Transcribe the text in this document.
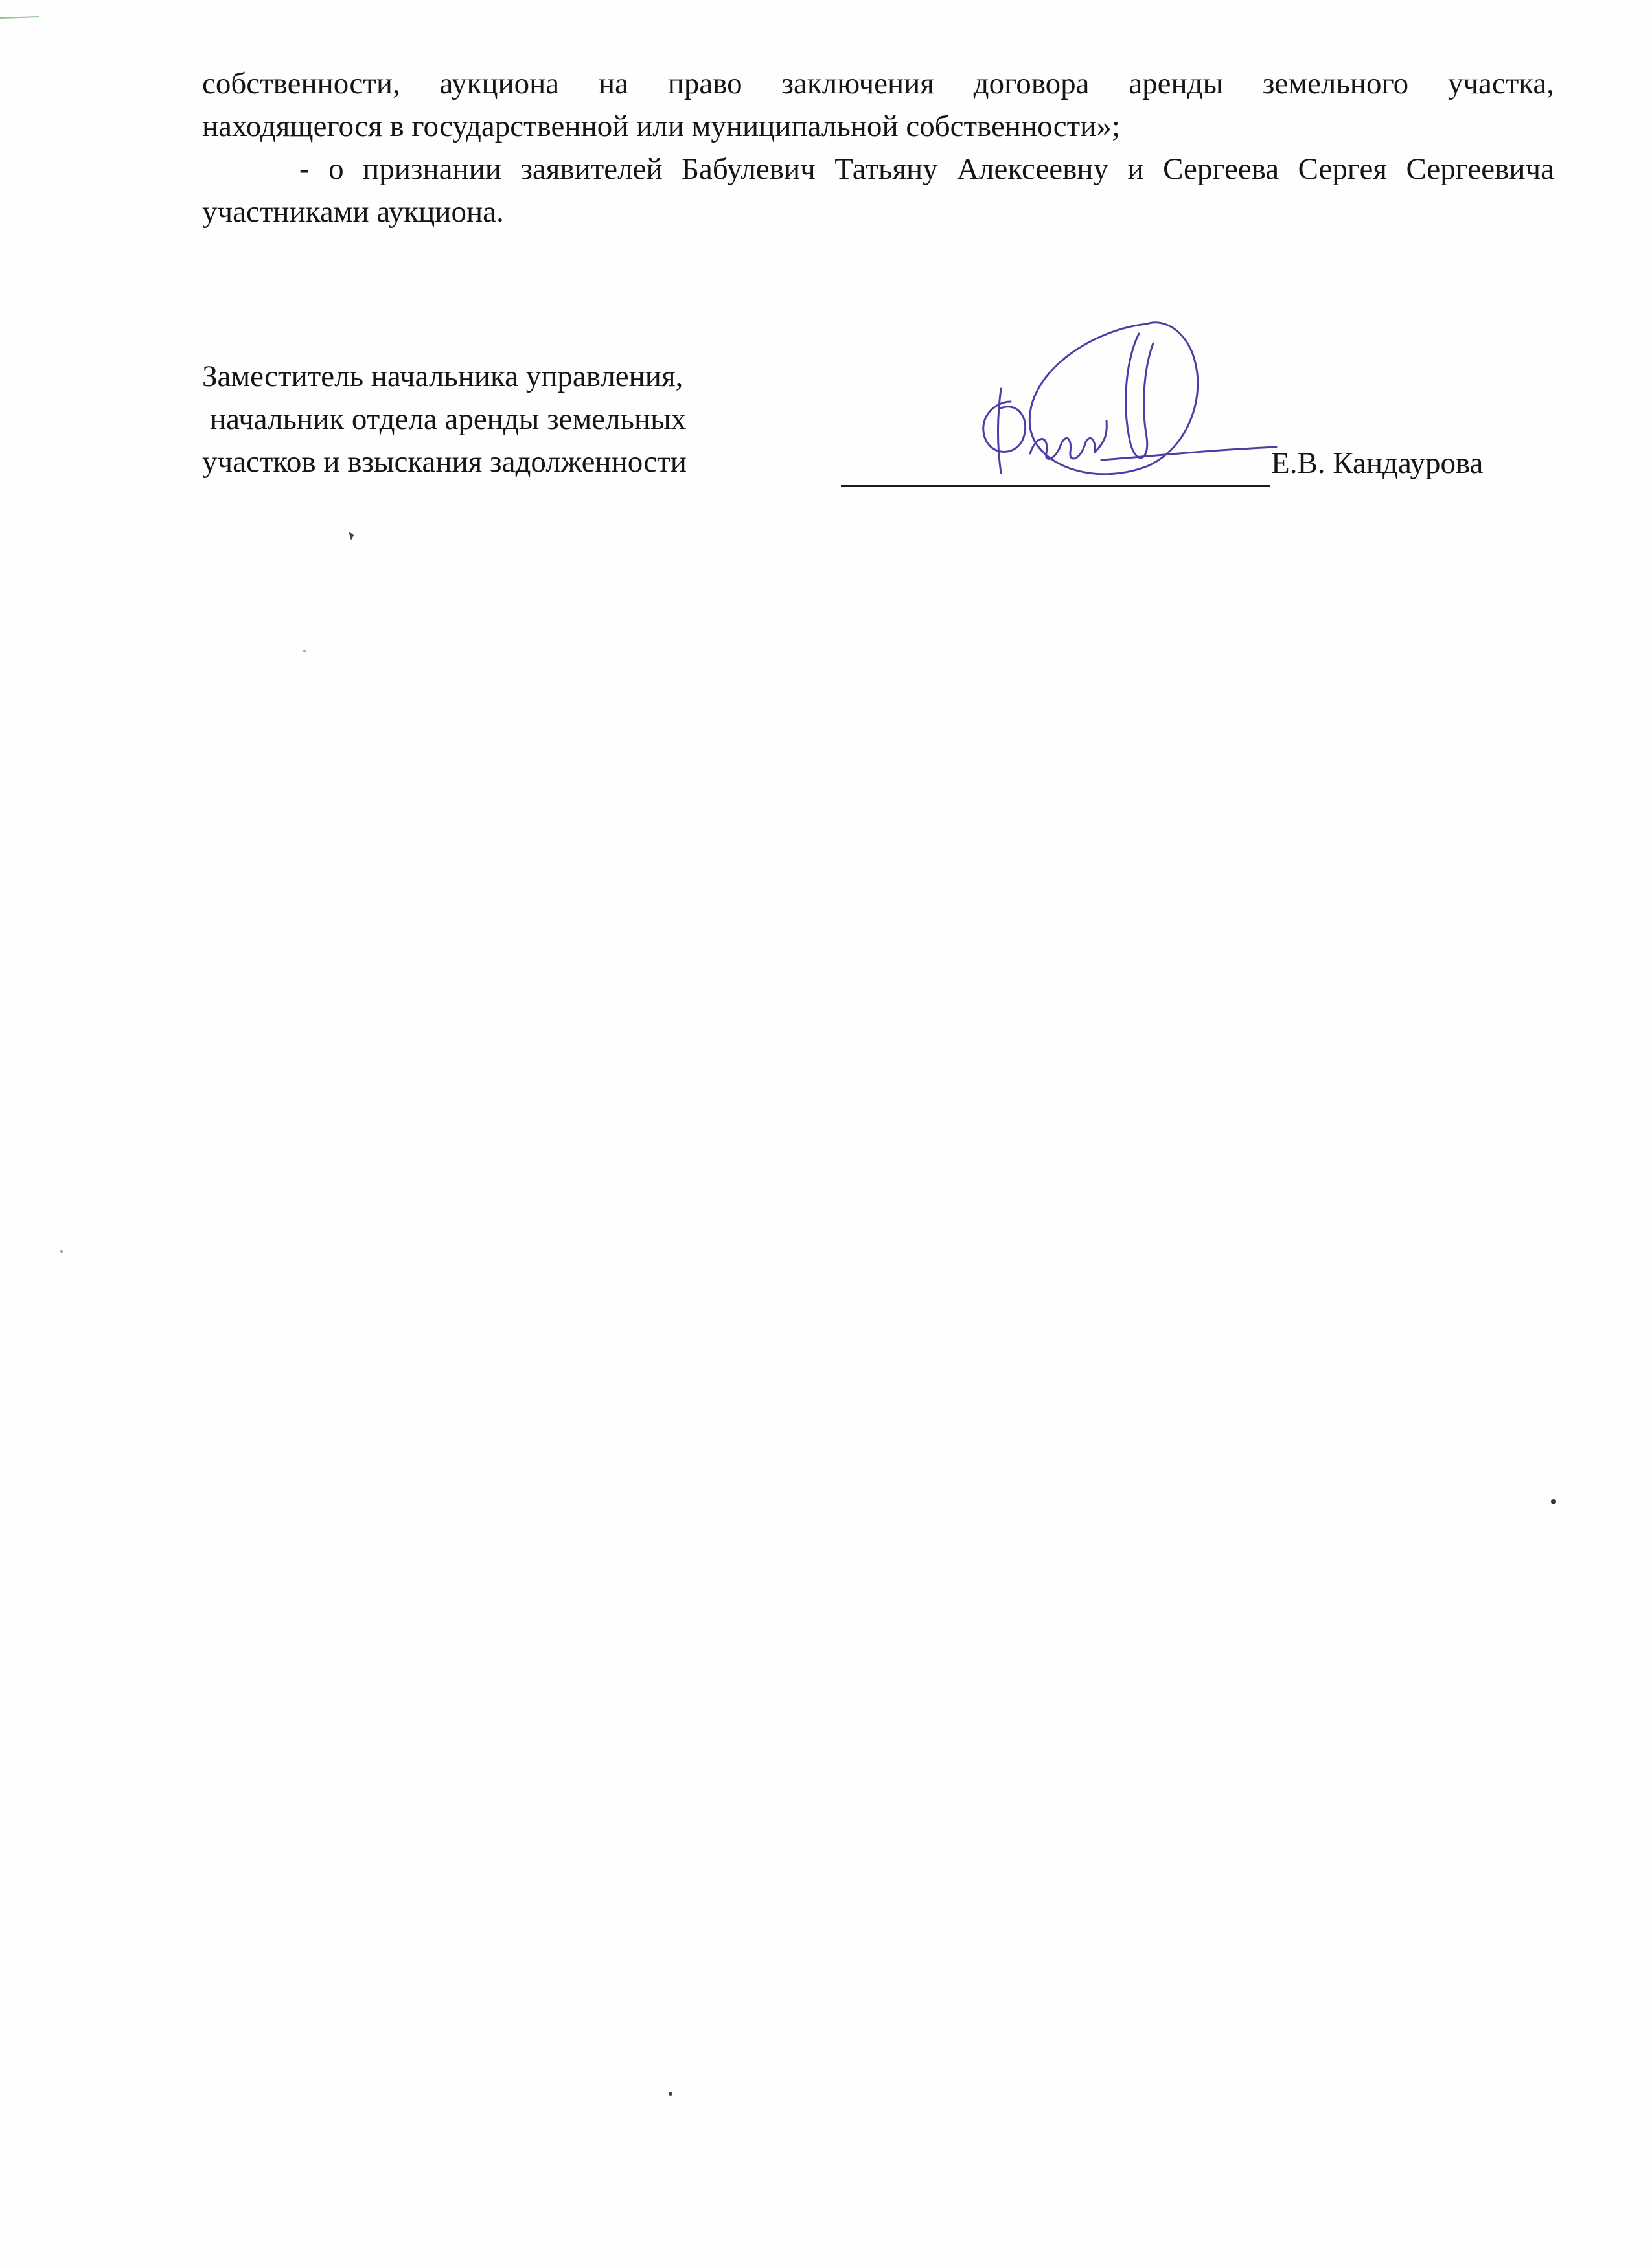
собственности, аукциона на право заключения договора аренды земельного участка,

находящегося в государственной или муниципальной собственности»;

- о признании заявителей Бабулевич Татьяну Алексеевну и Сергеева Сергея Сергеевича участниками аукциона.

Заместитель начальника управления,
начальник отдела аренды земельных
участков и взыскания задолженности	Е.В. Кандаурова
